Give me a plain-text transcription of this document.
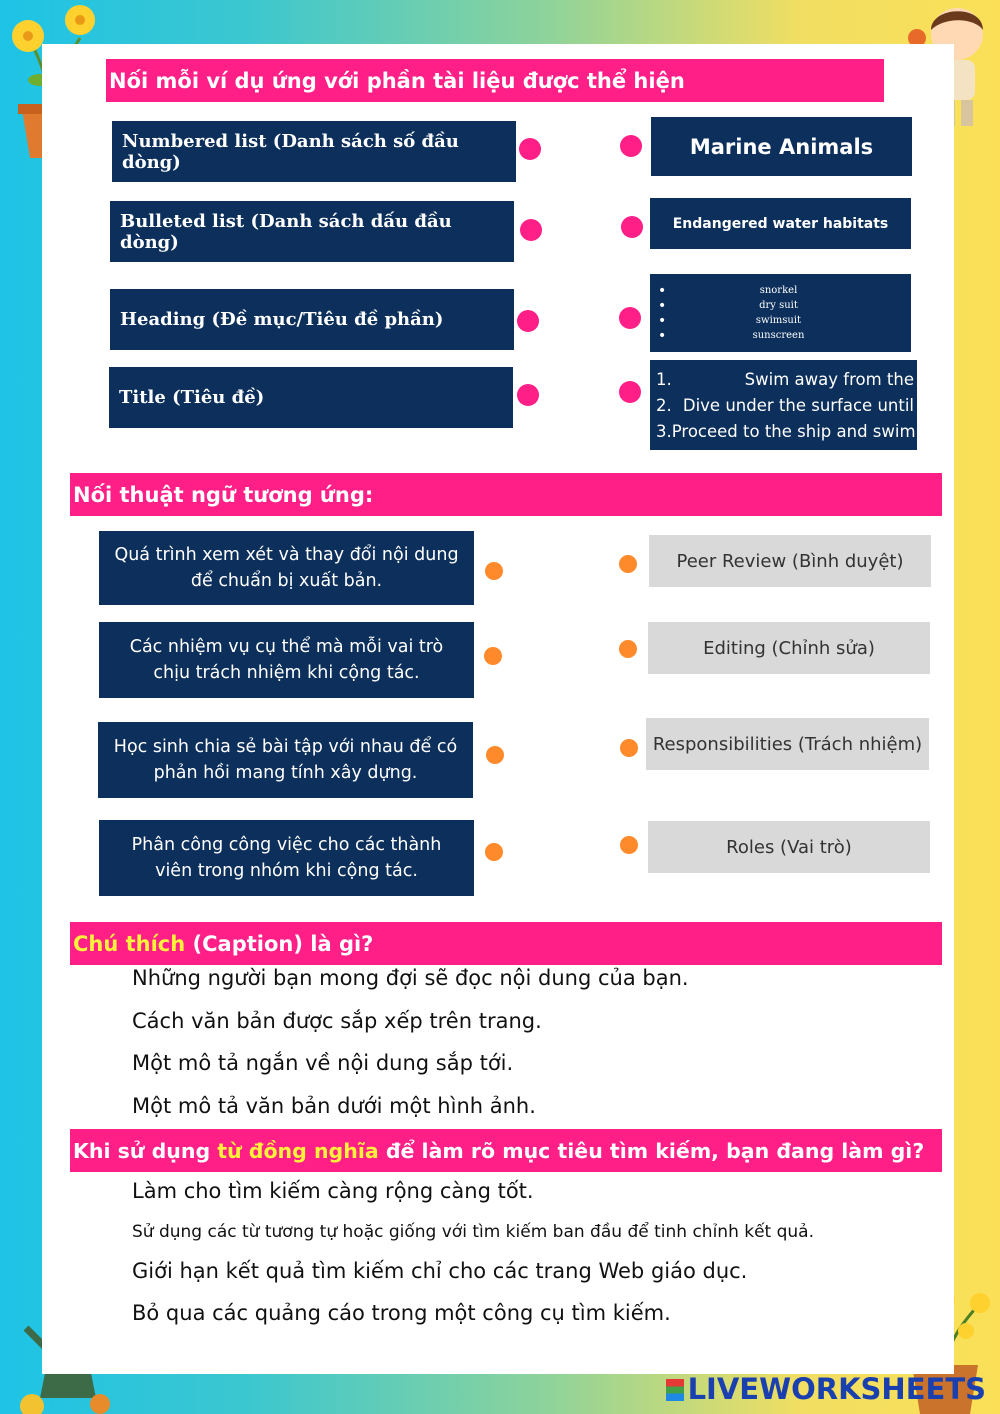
Nối mỗi ví dụ ứng với phần tài liệu được thể hiện
Numbered list (Danh sách số đầu dòng)
Bulleted list (Danh sách dấu đầu dòng)
Heading (Đề mục/Tiêu đề phần)
Title (Tiêu đề)
Marine Animals
Endangered water habitats
•	snorkel
•	dry suit
•	swimsuit
•	sunscreen
1.	Swim away from the
2. Dive under the surface until
3. Proceed to the ship and swim
Nối thuật ngữ tương ứng:
Quá trình xem xét và thay đổi nội dung để chuẩn bị xuất bản.
Các nhiệm vụ cụ thể mà mỗi vai trò chịu trách nhiệm khi cộng tác.
Học sinh chia sẻ bài tập với nhau để có phản hồi mang tính xây dựng.
Phân công công việc cho các thành viên trong nhóm khi cộng tác.
Peer Review (Bình duyệt)
Editing (Chỉnh sửa)
Responsibilities (Trách nhiệm)
Roles (Vai trò)
Chú thích (Caption) là gì?
Những người bạn mong đợi sẽ đọc nội dung của bạn.
Cách văn bản được sắp xếp trên trang.
Một mô tả ngắn về nội dung sắp tới.
Một mô tả văn bản dưới một hình ảnh.
Khi sử dụng từ đồng nghĩa để làm rõ mục tiêu tìm kiếm, bạn đang làm gì?
Làm cho tìm kiếm càng rộng càng tốt.
Sử dụng các từ tương tự hoặc giống với tìm kiếm ban đầu để tinh chỉnh kết quả.
Giới hạn kết quả tìm kiếm chỉ cho các trang Web giáo dục.
Bỏ qua các quảng cáo trong một công cụ tìm kiếm.
LIVEWORKSHEETS
